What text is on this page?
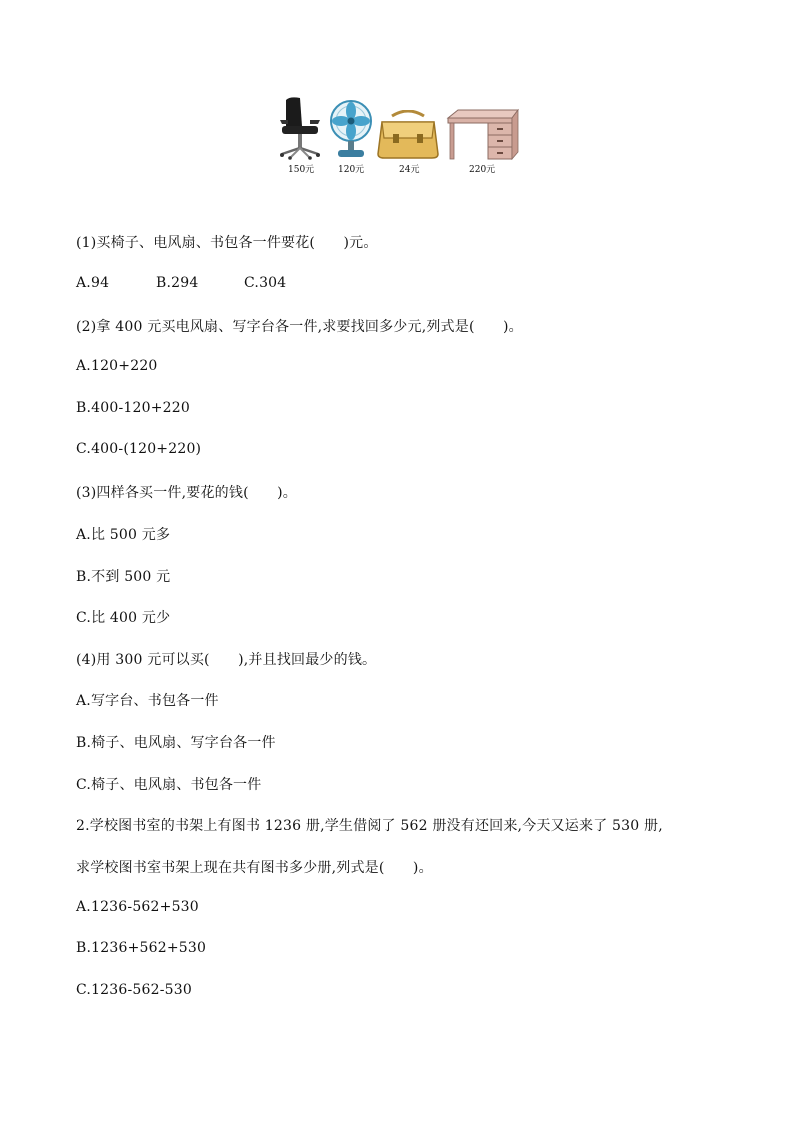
150元	120元	24元	220元
(1)买椅子、电风扇、书包各一件要花(　　)元。
A.94	B.294	C.304
(2)拿 400 元买电风扇、写字台各一件,求要找回多少元,列式是(　　)。
A.120+220
B.400-120+220
C.400-(120+220)
(3)四样各买一件,要花的钱(　　)。
A.比 500 元多
B.不到 500 元
C.比 400 元少
(4)用 300 元可以买(　　),并且找回最少的钱。
A.写字台、书包各一件
B.椅子、电风扇、写字台各一件
C.椅子、电风扇、书包各一件
2.学校图书室的书架上有图书 1236 册,学生借阅了 562 册没有还回来,今天又运来了 530 册,
求学校图书室书架上现在共有图书多少册,列式是(　　)。
A.1236-562+530
B.1236+562+530
C.1236-562-530
